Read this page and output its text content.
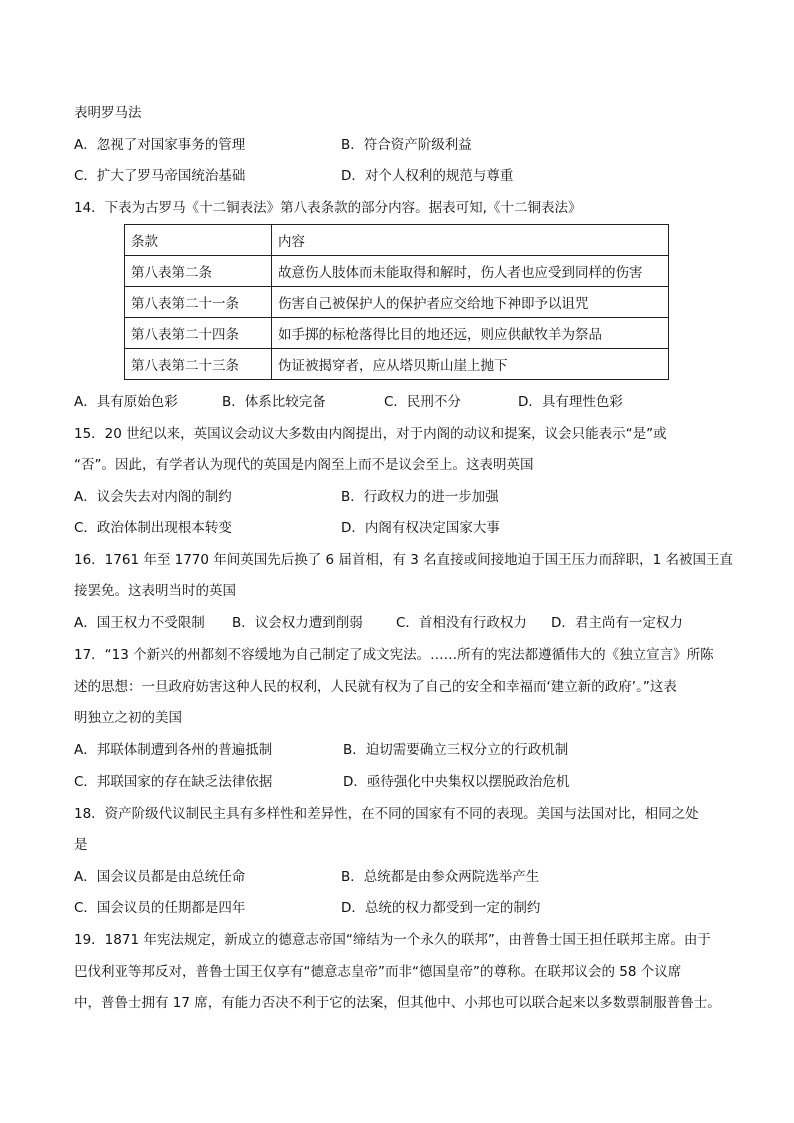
表明罗马法
A．忽视了对国家事务的管理	B．符合资产阶级利益
C．扩大了罗马帝国统治基础	D．对个人权利的规范与尊重
14．下表为古罗马《十二铜表法》第八表条款的部分内容。据表可知,《十二铜表法》
条款	内容
第八表第二条	故意伤人肢体而未能取得和解时，伤人者也应受到同样的伤害
第八表第二十一条	伤害自己被保护人的保护者应交给地下神即予以诅咒
第八表第二十四条	如手掷的标枪落得比目的地还远，则应供献牧羊为祭品
第八表第二十三条	伪证被揭穿者，应从塔贝斯山崖上抛下
A．具有原始色彩	B．体系比较完备	C．民刑不分	D．具有理性色彩
15．20 世纪以来，英国议会动议大多数由内阁提出，对于内阁的动议和提案，议会只能表示“是”或
“否”。因此，有学者认为现代的英国是内阁至上而不是议会至上。这表明英国
A．议会失去对内阁的制约	B．行政权力的进一步加强
C．政治体制出现根本转变	D．内阁有权决定国家大事
16．1761 年至 1770 年间英国先后换了 6 届首相，有 3 名直接或间接地迫于国王压力而辞职，1 名被国王直
接罢免。这表明当时的英国
A．国王权力不受限制 B．议会权力遭到削弱 C．首相没有行政权力 D．君主尚有一定权力
17．“13 个新兴的州都刻不容缓地为自己制定了成文宪法。……所有的宪法都遵循伟大的《独立宣言》所陈
述的思想：一旦政府妨害这种人民的权利，人民就有权为了自己的安全和幸福而‘建立新的政府’。”这表
明独立之初的美国
A．邦联体制遭到各州的普遍抵制	B．迫切需要确立三权分立的行政机制
C．邦联国家的存在缺乏法律依据	D．亟待强化中央集权以摆脱政治危机
18．资产阶级代议制民主具有多样性和差异性，在不同的国家有不同的表现。美国与法国对比，相同之处
是
A．国会议员都是由总统任命	B．总统都是由参众两院选举产生
C．国会议员的任期都是四年	D．总统的权力都受到一定的制约
19．1871 年宪法规定，新成立的德意志帝国“缔结为一个永久的联邦”，由普鲁士国王担任联邦主席。由于
巴伐利亚等邦反对，普鲁士国王仅享有“德意志皇帝”而非“德国皇帝”的尊称。在联邦议会的 58 个议席
中，普鲁士拥有 17 席，有能力否决不利于它的法案，但其他中、小邦也可以联合起来以多数票制服普鲁士。
